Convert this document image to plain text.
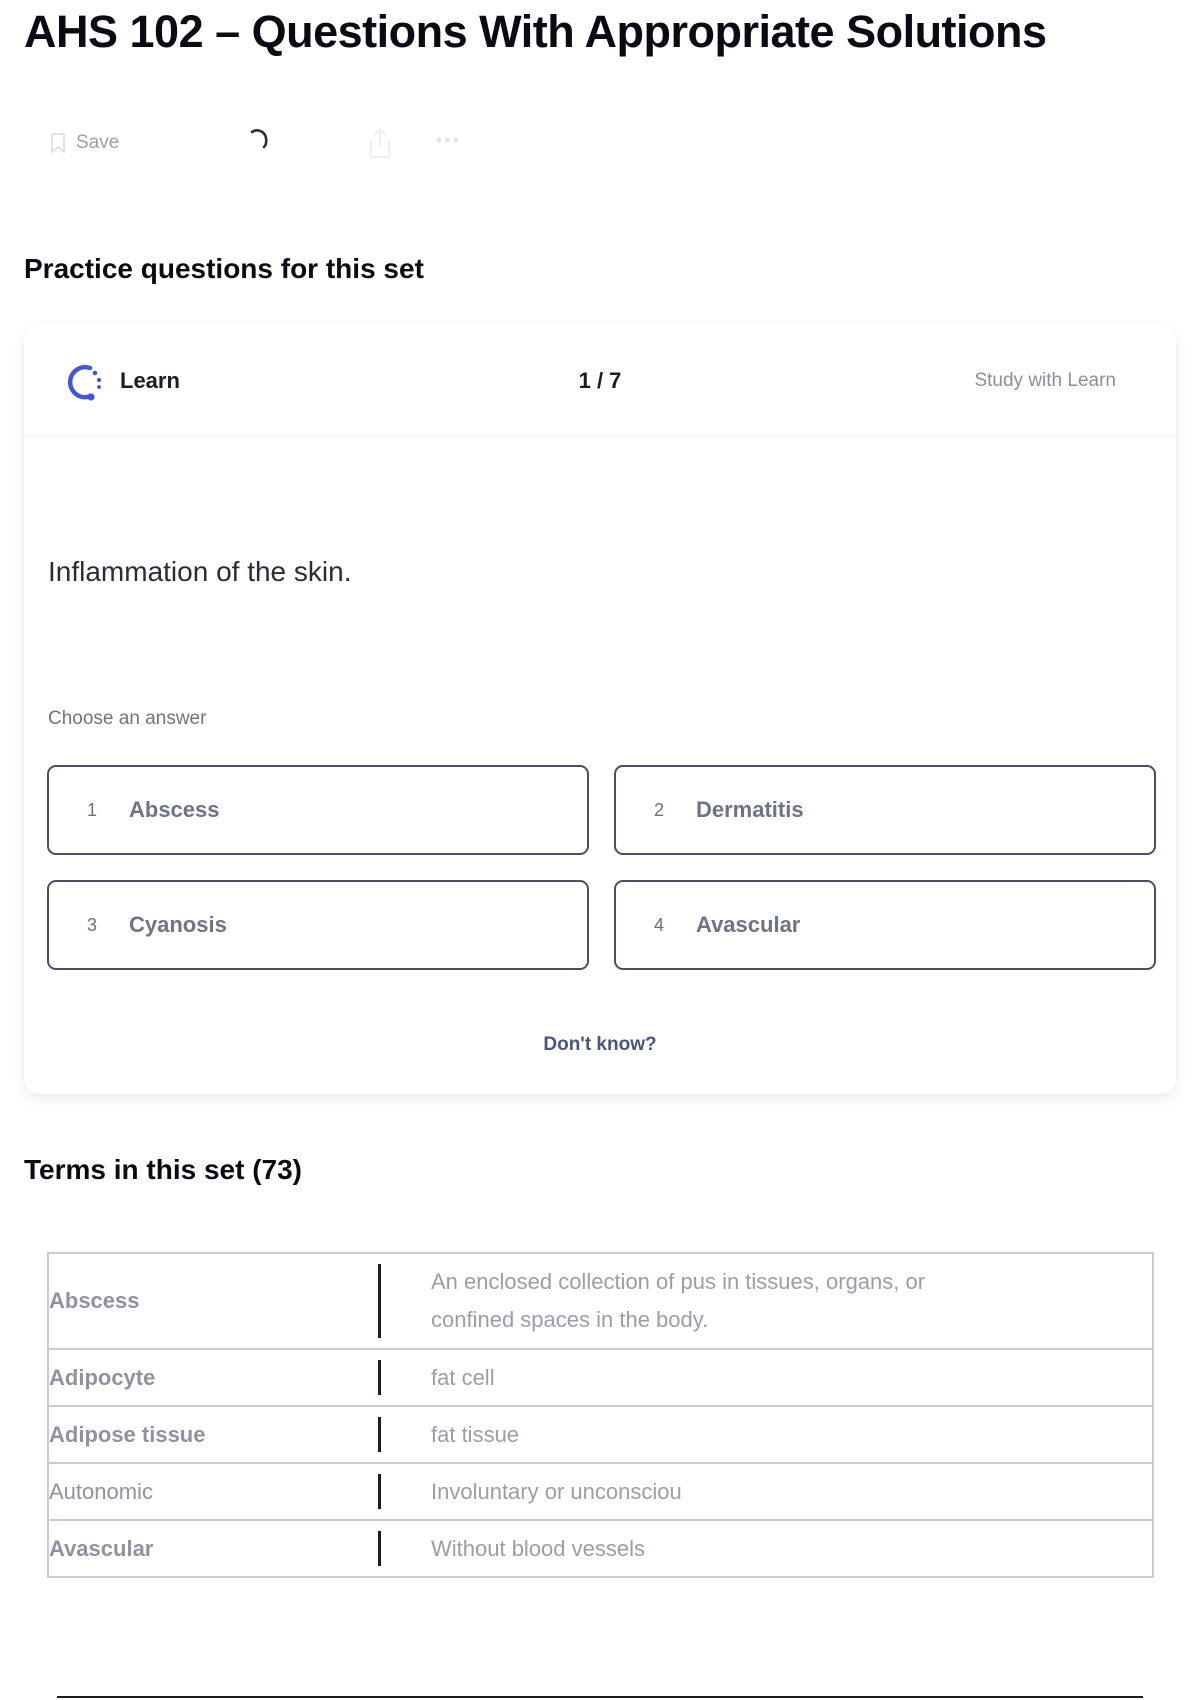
AHS 102 – Questions With Appropriate Solutions
Save	•••
Practice questions for this set
Learn	1 / 7	Study with Learn
Inflammation of the skin.
Choose an answer
1	Abscess	2	Dermatitis
3	Cyanosis	4	Avascular
Don't know?
Terms in this set (73)
Abscess	An enclosed collection of pus in tissues, organs, or
confined spaces in the body.

Adipocyte	fat cell
Adipose tissue	fat tissue
Autonomic	Involuntary or unconsciou
Avascular	Without blood vessels
